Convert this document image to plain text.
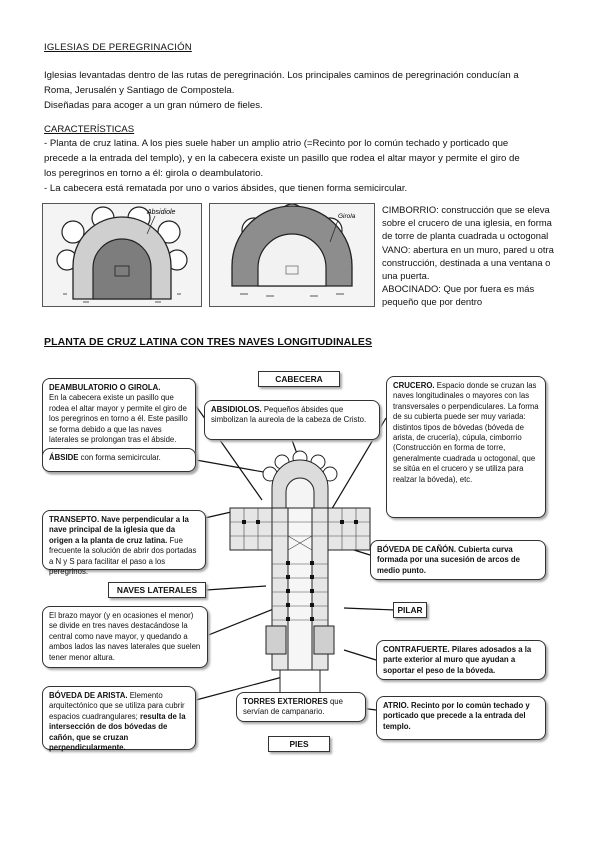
IGLESIAS DE PEREGRINACIÓN

Iglesias levantadas dentro de las rutas de peregrinación. Los principales caminos de peregrinación conducían a

Roma, Jerusalén y Santiago de Compostela.

Diseñadas para acoger a un gran número de fieles.

CARACTERÍSTICAS

- Planta de cruz latina. A los pies suele haber un amplio atrio (=Recinto por lo común techado y porticado que

precede a la entrada del templo), y en la cabecera existe un pasillo que rodea el altar mayor y permite el giro de

los peregrinos en torno a él: girola o deambulatorio.

- La cabecera está rematada por uno o varios ábsides, que tienen forma semicircular.

Absidiole
Girola

CIMBORRIO: construcción que se eleva sobre el crucero de una iglesia, en forma de torre de planta cuadrada u octogonal

VANO: abertura en un muro, pared u otra construcción, destinada a una ventana o una puerta.

ABOCINADO: Que por fuera es más pequeño que por dentro

PLANTA DE CRUZ LATINA CON TRES NAVES LONGITUDINALES
CABECERA
PIES
NAVES LATERALES
PILAR
DEAMBULATORIO O GIROLA.
En la cabecera existe un pasillo que rodea el altar mayor y permite el giro de los peregrinos en torno a él. Este pasillo se forma debido a que las naves laterales se prolongan tras el ábside.
ABSIDIOLOS. Pequeños ábsides que simbolizan la aureola de la cabeza de Cristo.
CRUCERO. Espacio donde se cruzan las naves longitudinales o mayores con las transversales o perpendiculares. La forma de su cubierta puede ser muy variada: distintos tipos de bóvedas (bóveda de arista, de crucería), cúpula, cimborrio (Construcción en forma de torre, generalmente cuadrada u octogonal, que se sitúa en el crucero y se utiliza para realzar la bóveda), etc.
ÁBSIDE con forma semicircular.
TRANSEPTO. Nave perpendicular a la nave principal de la iglesia que da origen a la planta de cruz latina. Fue frecuente la solución de abrir dos portadas a N y S para facilitar el paso a los peregrinos.
BÓVEDA DE CAÑÓN. Cubierta curva formada por una sucesión de arcos de medio punto.
El brazo mayor (y en ocasiones el menor) se divide en tres naves destacándose la central como nave mayor, y quedando a ambos lados las naves laterales que suelen tener menor altura.
CONTRAFUERTE. Pilares adosados a la parte exterior al muro que ayudan a soportar el peso de la bóveda.
BÓVEDA DE ARISTA. Elemento arquitectónico que se utiliza para cubrir espacios cuadrangulares; resulta de la intersección de dos bóvedas de cañón, que se cruzan perpendicularmente.
TORRES EXTERIORES que servían de campanario.
ATRIO. Recinto por lo común techado y porticado que precede a la entrada del templo.
